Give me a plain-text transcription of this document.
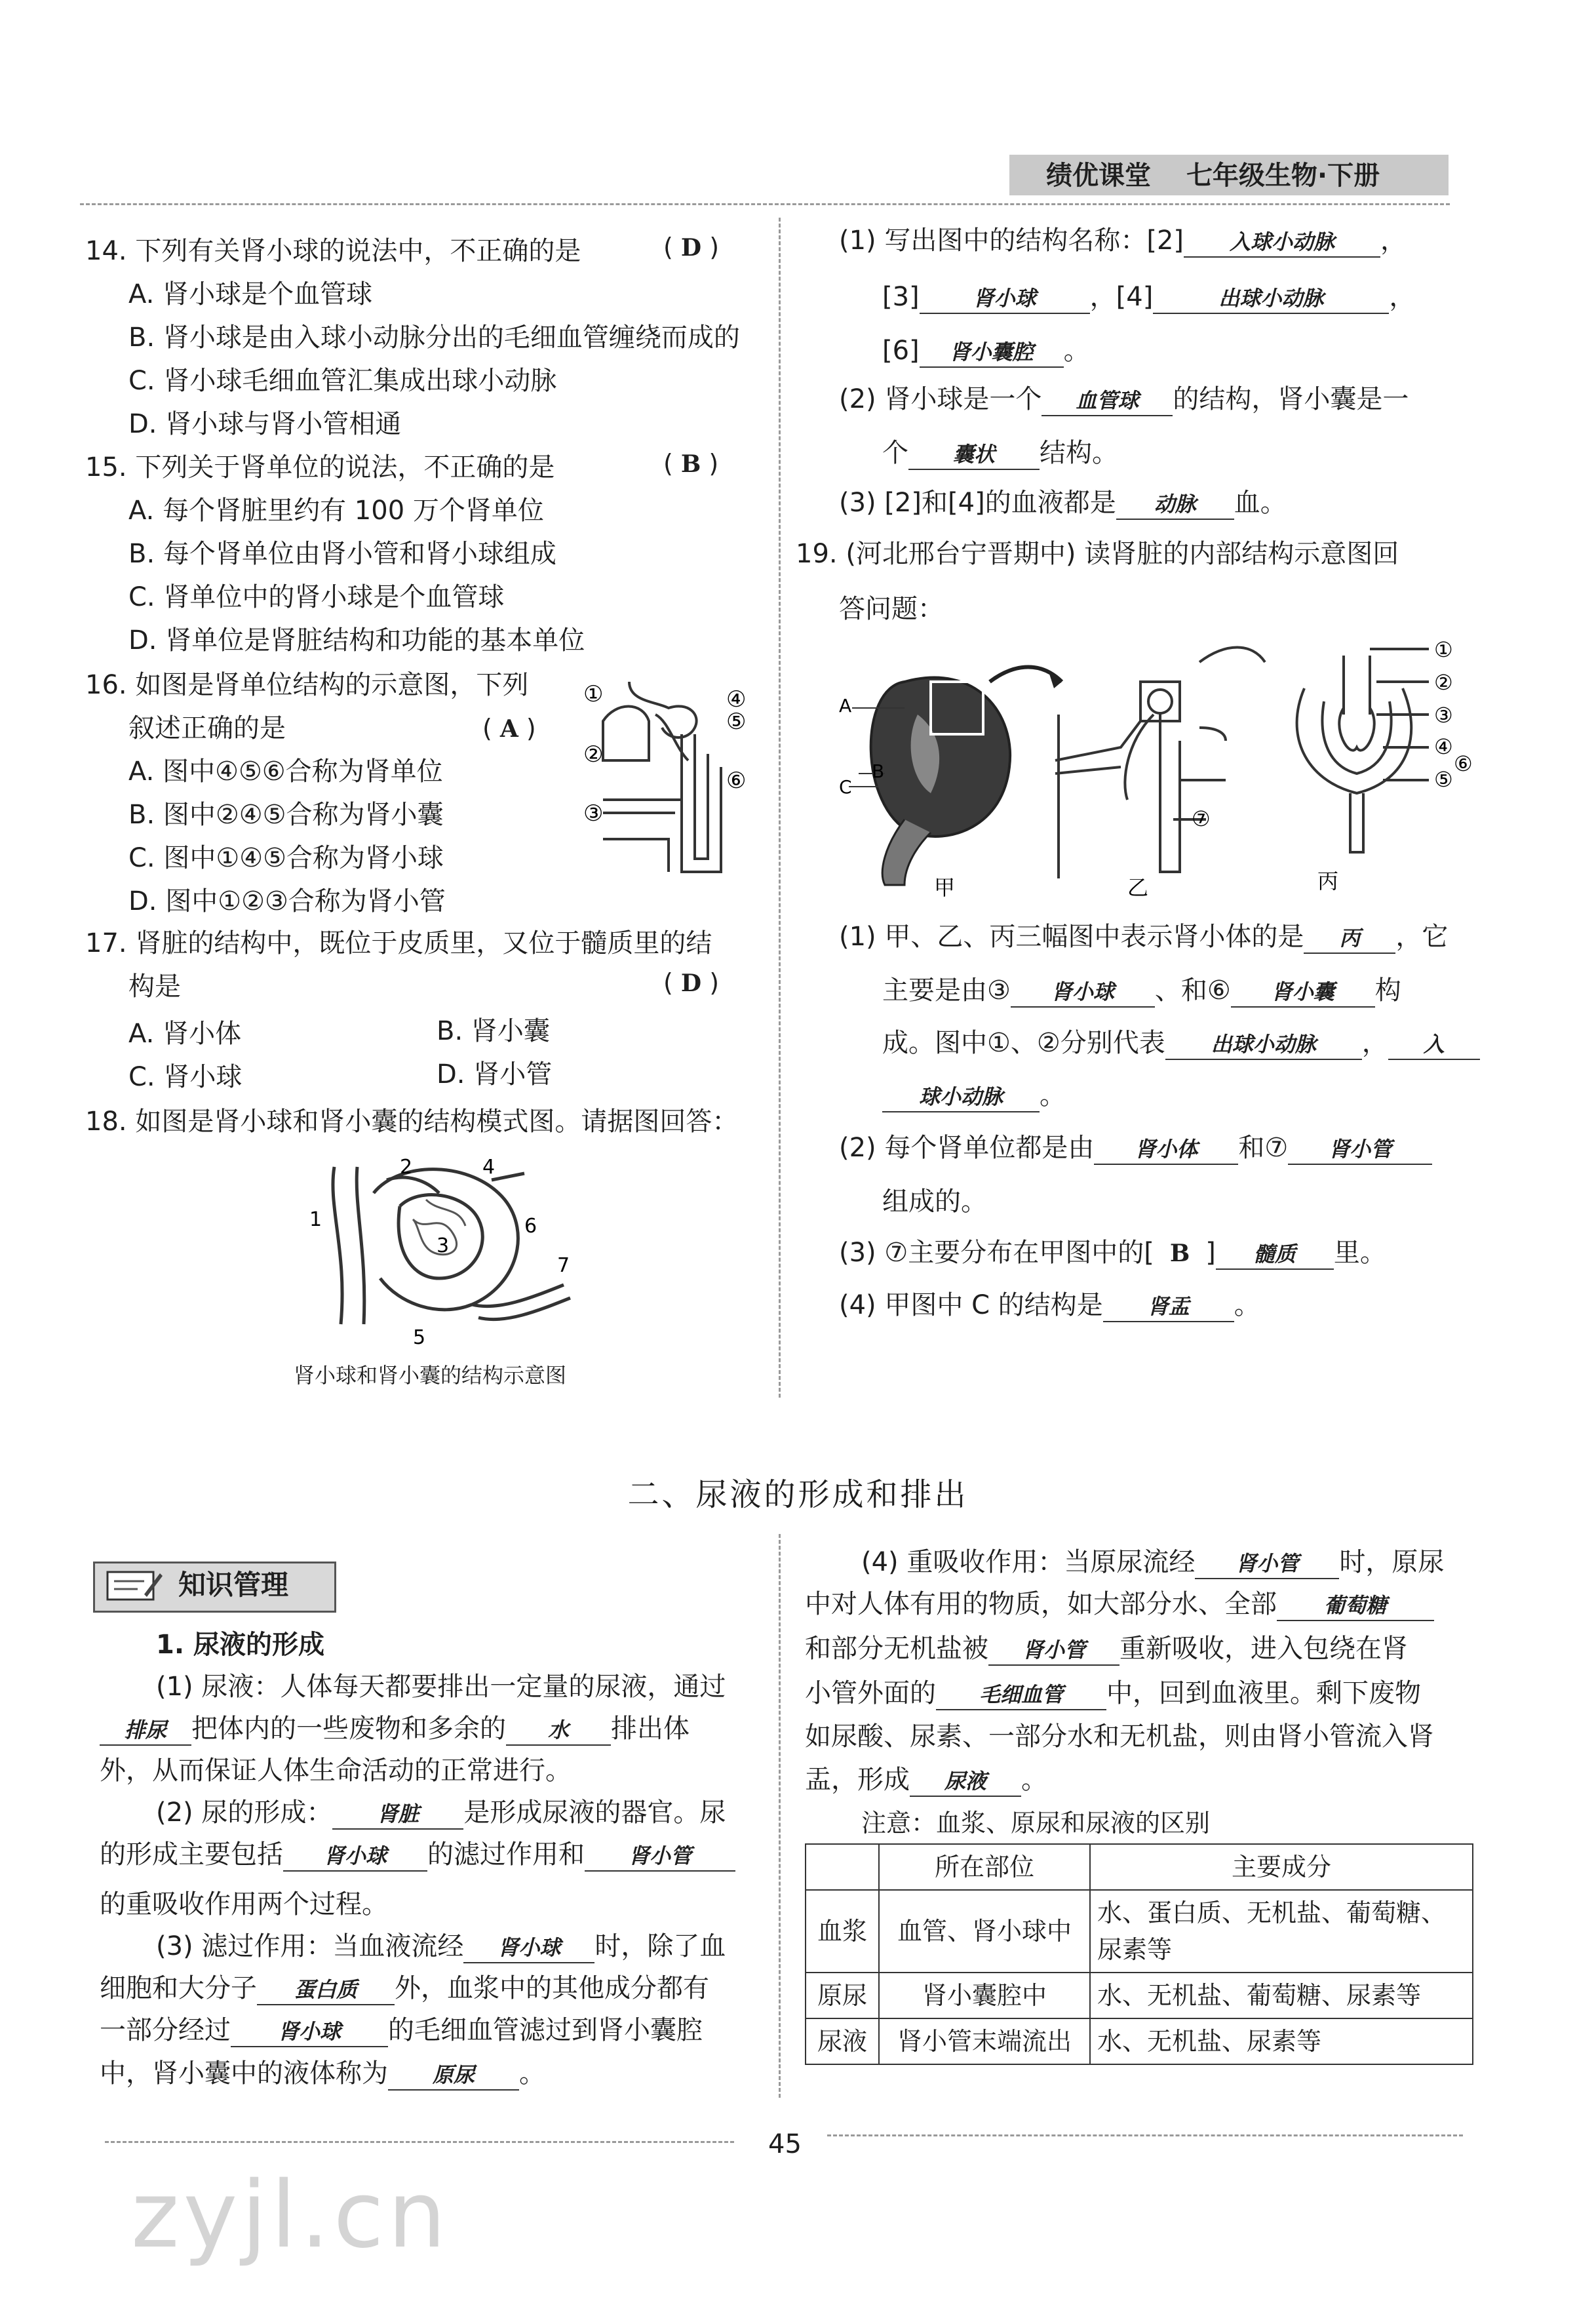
绩优课堂 七年级生物·下册
14. 下列有关肾小球的说法中，不正确的是	( D )
A. 肾小球是个血管球
B. 肾小球是由入球小动脉分出的毛细血管缠绕而成的
C. 肾小球毛细血管汇集成出球小动脉
D. 肾小球与肾小管相通
15. 下列关于肾单位的说法，不正确的是	( B )
A. 每个肾脏里约有 100 万个肾单位
B. 每个肾单位由肾小管和肾小球组成
C. 肾单位中的肾小球是个血管球
D. 肾单位是肾脏结构和功能的基本单位
16. 如图是肾单位结构的示意图，下列
叙述正确的是	( A )
A. 图中④⑤⑥合称为肾单位
B. 图中②④⑤合称为肾小囊
C. 图中①④⑤合称为肾小球
D. 图中①②③合称为肾小管
①	④
⑤
②
⑥
③
17. 肾脏的结构中，既位于皮质里，又位于髓质里的结
构是	( D )
A. 肾小体	B. 肾小囊
C. 肾小球	D. 肾小管
18. 如图是肾小球和肾小囊的结构模式图。请据图回答：
1
2
3
4
5
6
7
肾小球和肾小囊的结构示意图
(1) 写出图中的结构名称：[2] 入球小动脉 ，
[3]	肾小球 ，[4]	出球小动脉	，
[6] 肾小囊腔 。
(2) 肾小球是一个 血管球 的结构，肾小囊是一
个 囊状 结构。
(3) [2]和[4]的血液都是 动脉 血。
19. (河北邢台宁晋期中) 读肾脏的内部结构示意图回
答问题：
A
B
C
①
②
③
④
⑤
⑥
⑦
甲	乙	丙
(1) 甲、乙、丙三幅图中表示肾小体的是 丙 ，它
主要是由③ 肾小球 、和⑥ 肾小囊 构
成。图中①、②分别代表 出球小动脉 ， 入
球小动脉 。
(2) 每个肾单位都是由 肾小体 和⑦ 肾小管
组成的。
(3) ⑦主要分布在甲图中的[ B ] 髓质 里。
(4) 甲图中 C 的结构是 肾盂 。
二、尿液的形成和排出
知识管理
1. 尿液的形成
(1) 尿液：人体每天都要排出一定量的尿液，通过
排尿 把体内的一些废物和多余的 水 排出体
外，从而保证人体生命活动的正常进行。
(2) 尿的形成： 肾脏 是形成尿液的器官。尿
的形成主要包括 肾小球 的滤过作用和 肾小管
的重吸收作用两个过程。
(3) 滤过作用：当血液流经 肾小球 时，除了血
细胞和大分子 蛋白质 外，血浆中的其他成分都有
一部分经过 肾小球 的毛细血管滤过到肾小囊腔
中，肾小囊中的液体称为 原尿 。
(4) 重吸收作用：当原尿流经 肾小管 时，原尿
中对人体有用的物质，如大部分水、全部 葡萄糖
和部分无机盐被 肾小管 重新吸收，进入包绕在肾
小管外面的 毛细血管 中，回到血液里。剩下废物
如尿酸、尿素、一部分水和无机盐，则由肾小管流入肾
盂，形成 尿液 。
注意：血浆、原尿和尿液的区别
	所在部位	主要成分
血浆	血管、肾小球中	水、蛋白质、无机盐、葡萄糖、尿素等
原尿	肾小囊腔中	水、无机盐、葡萄糖、尿素等
尿液	肾小管末端流出	水、无机盐、尿素等
45
zyjl.cn
